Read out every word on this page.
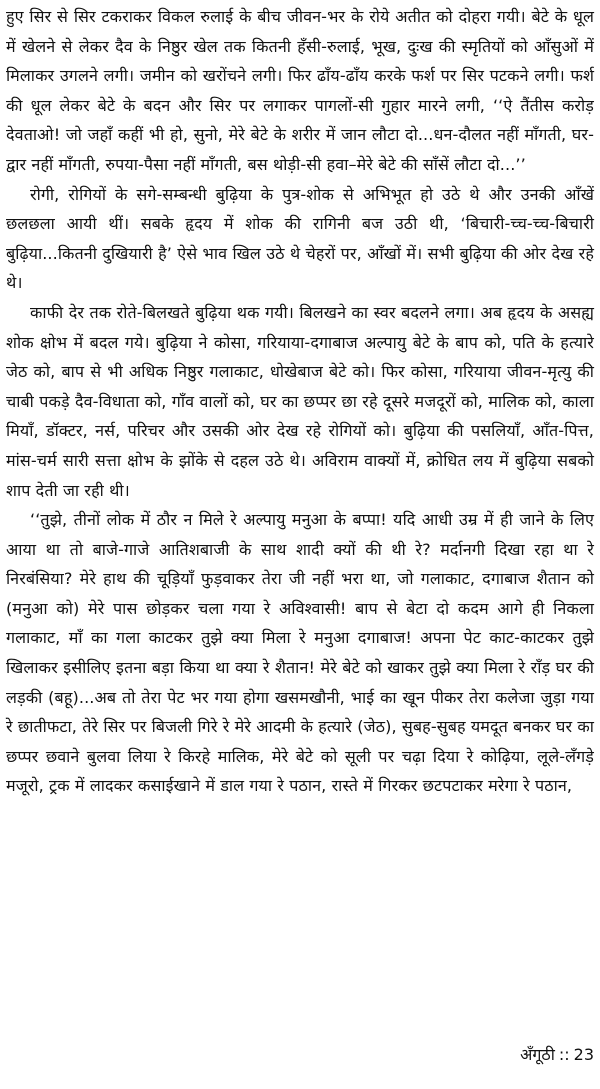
हुए सिर से सिर टकराकर विकल रुलाई के बीच जीवन-भर के रोये अतीत को दोहरा गयी। बेटे के धूल में खेलने से लेकर दैव के निष्ठुर खेल तक कितनी हँसी-रुलाई, भूख, दुःख की स्मृतियों को आँसुओं में मिलाकर उगलने लगी। जमीन को खरोंचने लगी। फिर ढाँय-ढाँय करके फर्श पर सिर पटकने लगी। फर्श की धूल लेकर बेटे के बदन और सिर पर लगाकर पागलों-सी गुहार मारने लगी, ‘‘ऐ तैंतीस करोड़ देवताओ! जो जहाँ कहीं भी हो, सुनो, मेरे बेटे के शरीर में जान लौटा दो...धन-दौलत नहीं माँगती, घर-द्वार नहीं माँगती, रुपया-पैसा नहीं माँगती, बस थोड़ी-सी हवा–मेरे बेटे की साँसें लौटा दो...’’

रोगी, रोगियों के सगे-सम्बन्धी बुढ़िया के पुत्र-शोक से अभिभूत हो उठे थे और उनकी आँखें छलछला आयी थीं। सबके हृदय में शोक की रागिनी बज उठी थी, ‘बिचारी-च्च-च्च-बिचारी बुढ़िया...कितनी दुखियारी है’ ऐसे भाव खिल उठे थे चेहरों पर, आँखों में। सभी बुढ़िया की ओर देख रहे थे।

काफी देर तक रोते-बिलखते बुढ़िया थक गयी। बिलखने का स्वर बदलने लगा। अब हृदय के असह्य शोक क्षोभ में बदल गये। बुढ़िया ने कोसा, गरियाया-दगाबाज अल्पायु बेटे के बाप को, पति के हत्यारे जेठ को, बाप से भी अधिक निष्ठुर गलाकाट, धोखेबाज बेटे को। फिर कोसा, गरियाया जीवन-मृत्यु की चाबी पकड़े दैव-विधाता को, गाँव वालों को, घर का छप्पर छा रहे दूसरे मजदूरों को, मालिक को, काला मियाँ, डॉक्टर, नर्स, परिचर और उसकी ओर देख रहे रोगियों को। बुढ़िया की पसलियाँ, आँत-पित्त, मांस-चर्म सारी सत्ता क्षोभ के झोंके से दहल उठे थे। अविराम वाक्यों में, क्रोधित लय में बुढ़िया सबको शाप देती जा रही थी।

‘‘तुझे, तीनों लोक में ठौर न मिले रे अल्पायु मनुआ के बप्पा! यदि आधी उम्र में ही जाने के लिए आया था तो बाजे-गाजे आतिशबाजी के साथ शादी क्यों की थी रे? मर्दानगी दिखा रहा था रे निरबंसिया? मेरे हाथ की चूड़ियाँ फुड़वाकर तेरा जी नहीं भरा था, जो गलाकाट, दगाबाज शैतान को (मनुआ को) मेरे पास छोड़कर चला गया रे अविश्वासी! बाप से बेटा दो कदम आगे ही निकला गलाकाट, माँ का गला काटकर तुझे क्या मिला रे मनुआ दगाबाज! अपना पेट काट-काटकर तुझे खिलाकर इसीलिए इतना बड़ा किया था क्या रे शैतान! मेरे बेटे को खाकर तुझे क्या मिला रे राँड़ घर की लड़की (बहू)...अब तो तेरा पेट भर गया होगा खसमखौनी, भाई का खून पीकर तेरा कलेजा जुड़ा गया रे छातीफटा, तेरे सिर पर बिजली गिरे रे मेरे आदमी के हत्यारे (जेठ), सुबह-सुबह यमदूत बनकर घर का छप्पर छवाने बुलवा लिया रे किरहे मालिक, मेरे बेटे को सूली पर चढ़ा दिया रे कोढ़िया, लूले-लँगड़े मजूरो, ट्रक में लादकर कसाईखाने में डाल गया रे पठान, रास्ते में गिरकर छटपटाकर मरेगा रे पठान,

अँगूठी :: 23
